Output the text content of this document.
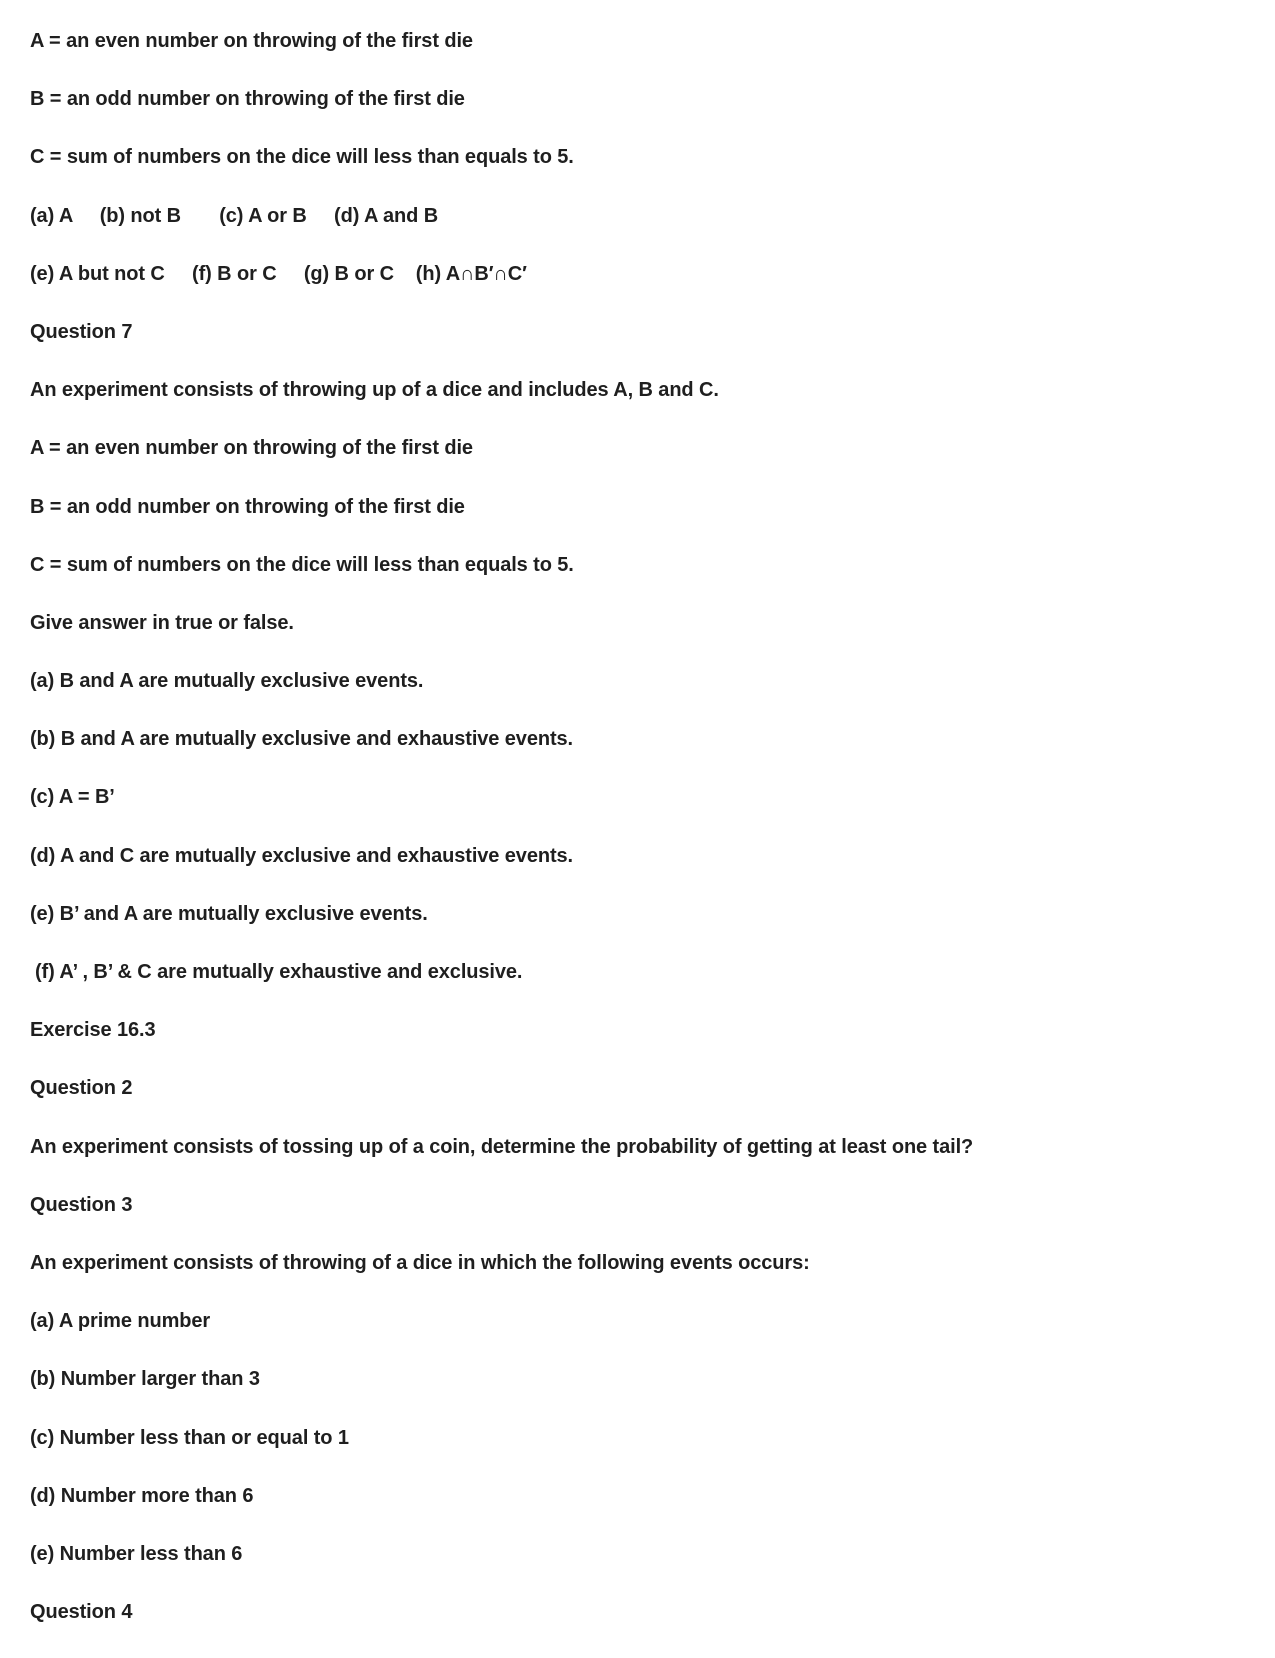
A = an even number on throwing of the first die
B = an odd number on throwing of the first die
C = sum of numbers on the dice will less than equals to 5.
(a) A     (b) not B       (c) A or B     (d) A and B
(e) A but not C     (f) B or C     (g) B or C    (h) A∩B′∩C′
Question 7
An experiment consists of throwing up of a dice and includes A, B and C.
A = an even number on throwing of the first die
B = an odd number on throwing of the first die
C = sum of numbers on the dice will less than equals to 5.
Give answer in true or false.
(a) B and A are mutually exclusive events.
(b) B and A are mutually exclusive and exhaustive events.
(c) A = B’
(d) A and C are mutually exclusive and exhaustive events.
(e) B’ and A are mutually exclusive events.
(f) A’ , B’ & C are mutually exhaustive and exclusive.
Exercise 16.3
Question 2
An experiment consists of tossing up of a coin, determine the probability of getting at least one tail?
Question 3
An experiment consists of throwing of a dice in which the following events occurs:
(a) A prime number
(b) Number larger than 3
(c) Number less than or equal to 1
(d) Number more than 6
(e) Number less than 6
Question 4
